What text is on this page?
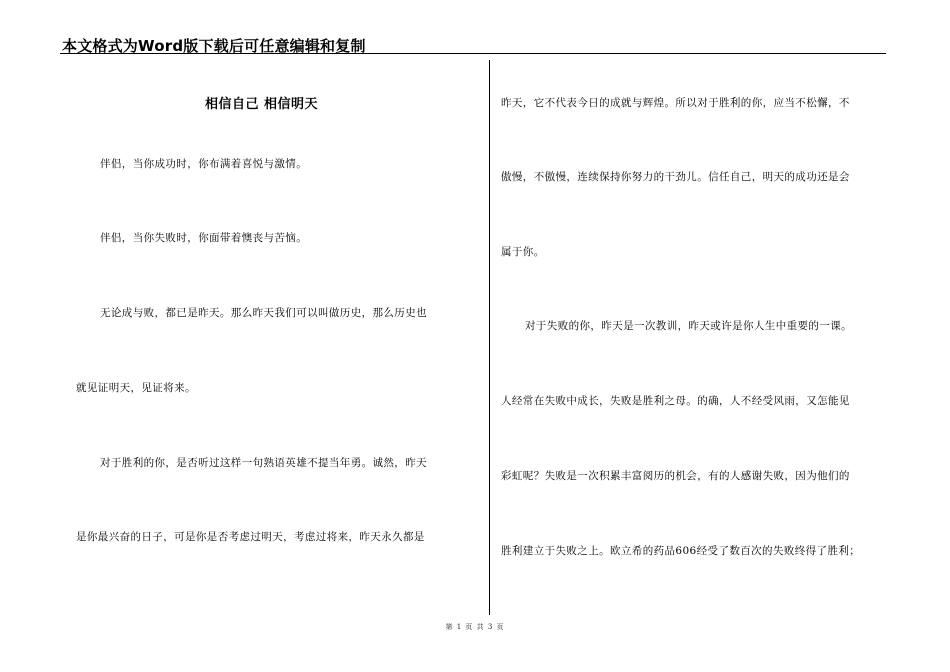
本文格式为Word版下载后可任意编辑和复制
相信自己 相信明天
伴侣，当你成功时，你布满着喜悦与激情。
伴侣，当你失败时，你面带着懊丧与苦恼。
无论成与败，都已是昨天。那么昨天我们可以叫做历史，那么历史也
就见证明天，见证将来。
对于胜利的你，是否听过这样一句熟语英雄不提当年勇。诚然，昨天
是你最兴奋的日子，可是你是否考虑过明天，考虑过将来，昨天永久都是
昨天，它不代表今日的成就与辉煌。所以对于胜利的你，应当不松懈，不
傲慢，不傲慢，连续保持你努力的干劲儿。信任自己，明天的成功还是会
属于你。
对于失败的你，昨天是一次教训，昨天或许是你人生中重要的一课。
人经常在失败中成长，失败是胜利之母。的确，人不经受风雨，又怎能见
彩虹呢？失败是一次积累丰富阅历的机会，有的人感谢失败，因为他们的
胜利建立于失败之上。欧立希的药品606经受了数百次的失败终得了胜利；
第 1 页 共 3 页
